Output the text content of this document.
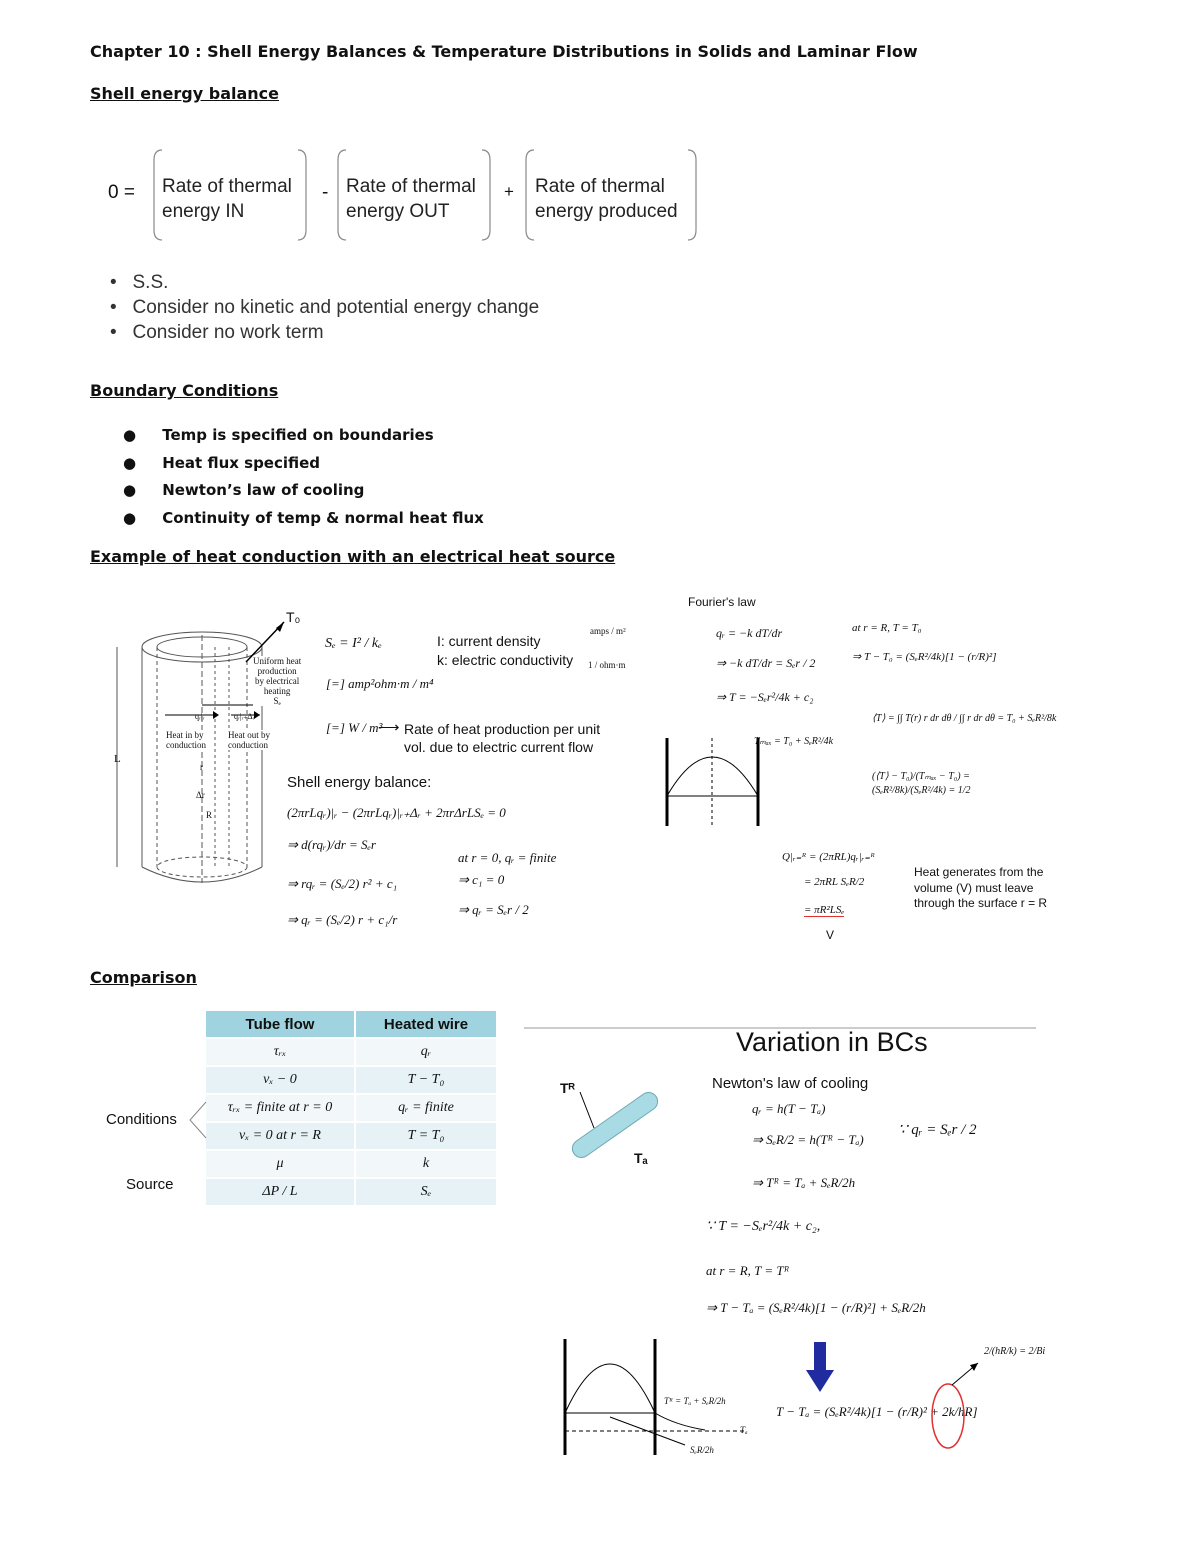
Chapter 10 : Shell Energy Balances & Temperature Distributions in Solids and Laminar Flow
Shell energy balance
0 = Rate of thermal
energy IN
- Rate of thermal
energy OUT
+ Rate of thermal
energy produced
•   S.S.
•   Consider no kinetic and potential energy change
•   Consider no work term
Boundary Conditions
●     Temp is specified on boundaries
●     Heat flux specified
●     Newton’s law of cooling
●     Continuity of temp & normal heat flux
Example of heat conduction with an electrical heat source
L
Uniform heat
production
by electrical
heating
Sₑ
qᵣ|ᵣ	qᵣ|ᵣ₊Δᵣ
Heat in by
conduction
Heat out by
conduction
r
Δr
R
T₀
Sₑ = I² / kₑ	I: current density
k: electric conductivity
amps / m²
1 / ohm·m
[=] amp²ohm·m / m⁴
[=] W / m³
⟶ Rate of heat production per unit
vol. due to electric current flow
Shell energy balance:
(2πrLqᵣ)|ᵣ − (2πrLqᵣ)|ᵣ₊Δᵣ + 2πrΔrLSₑ = 0
⇒ d(rqᵣ)/dr = Sₑr
⇒ rqᵣ = (Sₑ/2) r² + c₁
⇒ qᵣ = (Sₑ/2) r + c₁/r
at r = 0, qᵣ = finite
⇒ c₁ = 0
⇒ qᵣ = Sₑr / 2
Fourier's law
qᵣ = −k dT/dr
⇒ −k dT/dr = Sₑr / 2
⇒ T = −Sₑr²/4k + c₂
Tₘₐₓ = T₀ + SₑR²/4k
at r = R, T = T₀
⇒ T − T₀ = (SₑR²/4k)[1 − (r/R)²]
⟨T⟩ = ∫∫ T(r) r dr dθ / ∫∫ r dr dθ = T₀ + SₑR²/8k
(⟨T⟩ − T₀)/(Tₘₐₓ − T₀) = (SₑR²/8k)/(SₑR²/4k) = 1/2
Q|ᵣ₌ᴿ = (2πRL)qᵣ|ᵣ₌ᴿ
= 2πRL SₑR/2
= πR²LSₑ
V
Heat generates from the
volume (V) must leave
through the surface r = R
Comparison
Tube flow	Heated wire
τᵣₓ	qᵣ
vₓ − 0	T − T₀
τᵣₓ = finite at r = 0	qᵣ = finite
vₓ = 0 at r = R	T = T₀
μ	k
ΔP / L	Sₑ
Conditions
Source
Variation in BCs
Tᴿ
Tₐ
Newton's law of cooling
qᵣ = h(T − Tₐ)
⇒ SₑR/2 = h(Tᴿ − Tₐ)
∵ qᵣ = Sₑr / 2
⇒ Tᴿ = Tₐ + SₑR/2h
∵ T = −Sₑr²/4k + c₂,
at r = R, T = Tᴿ
⇒ T − Tₐ = (SₑR²/4k)[1 − (r/R)²] + SₑR/2h
Tᴿ = Tₐ + SₑR/2h
Tₐ
SₑR/2h
T − Tₐ = (SₑR²/4k)[1 − (r/R)² + 2k/hR]
2/(hR/k) = 2/Bi
